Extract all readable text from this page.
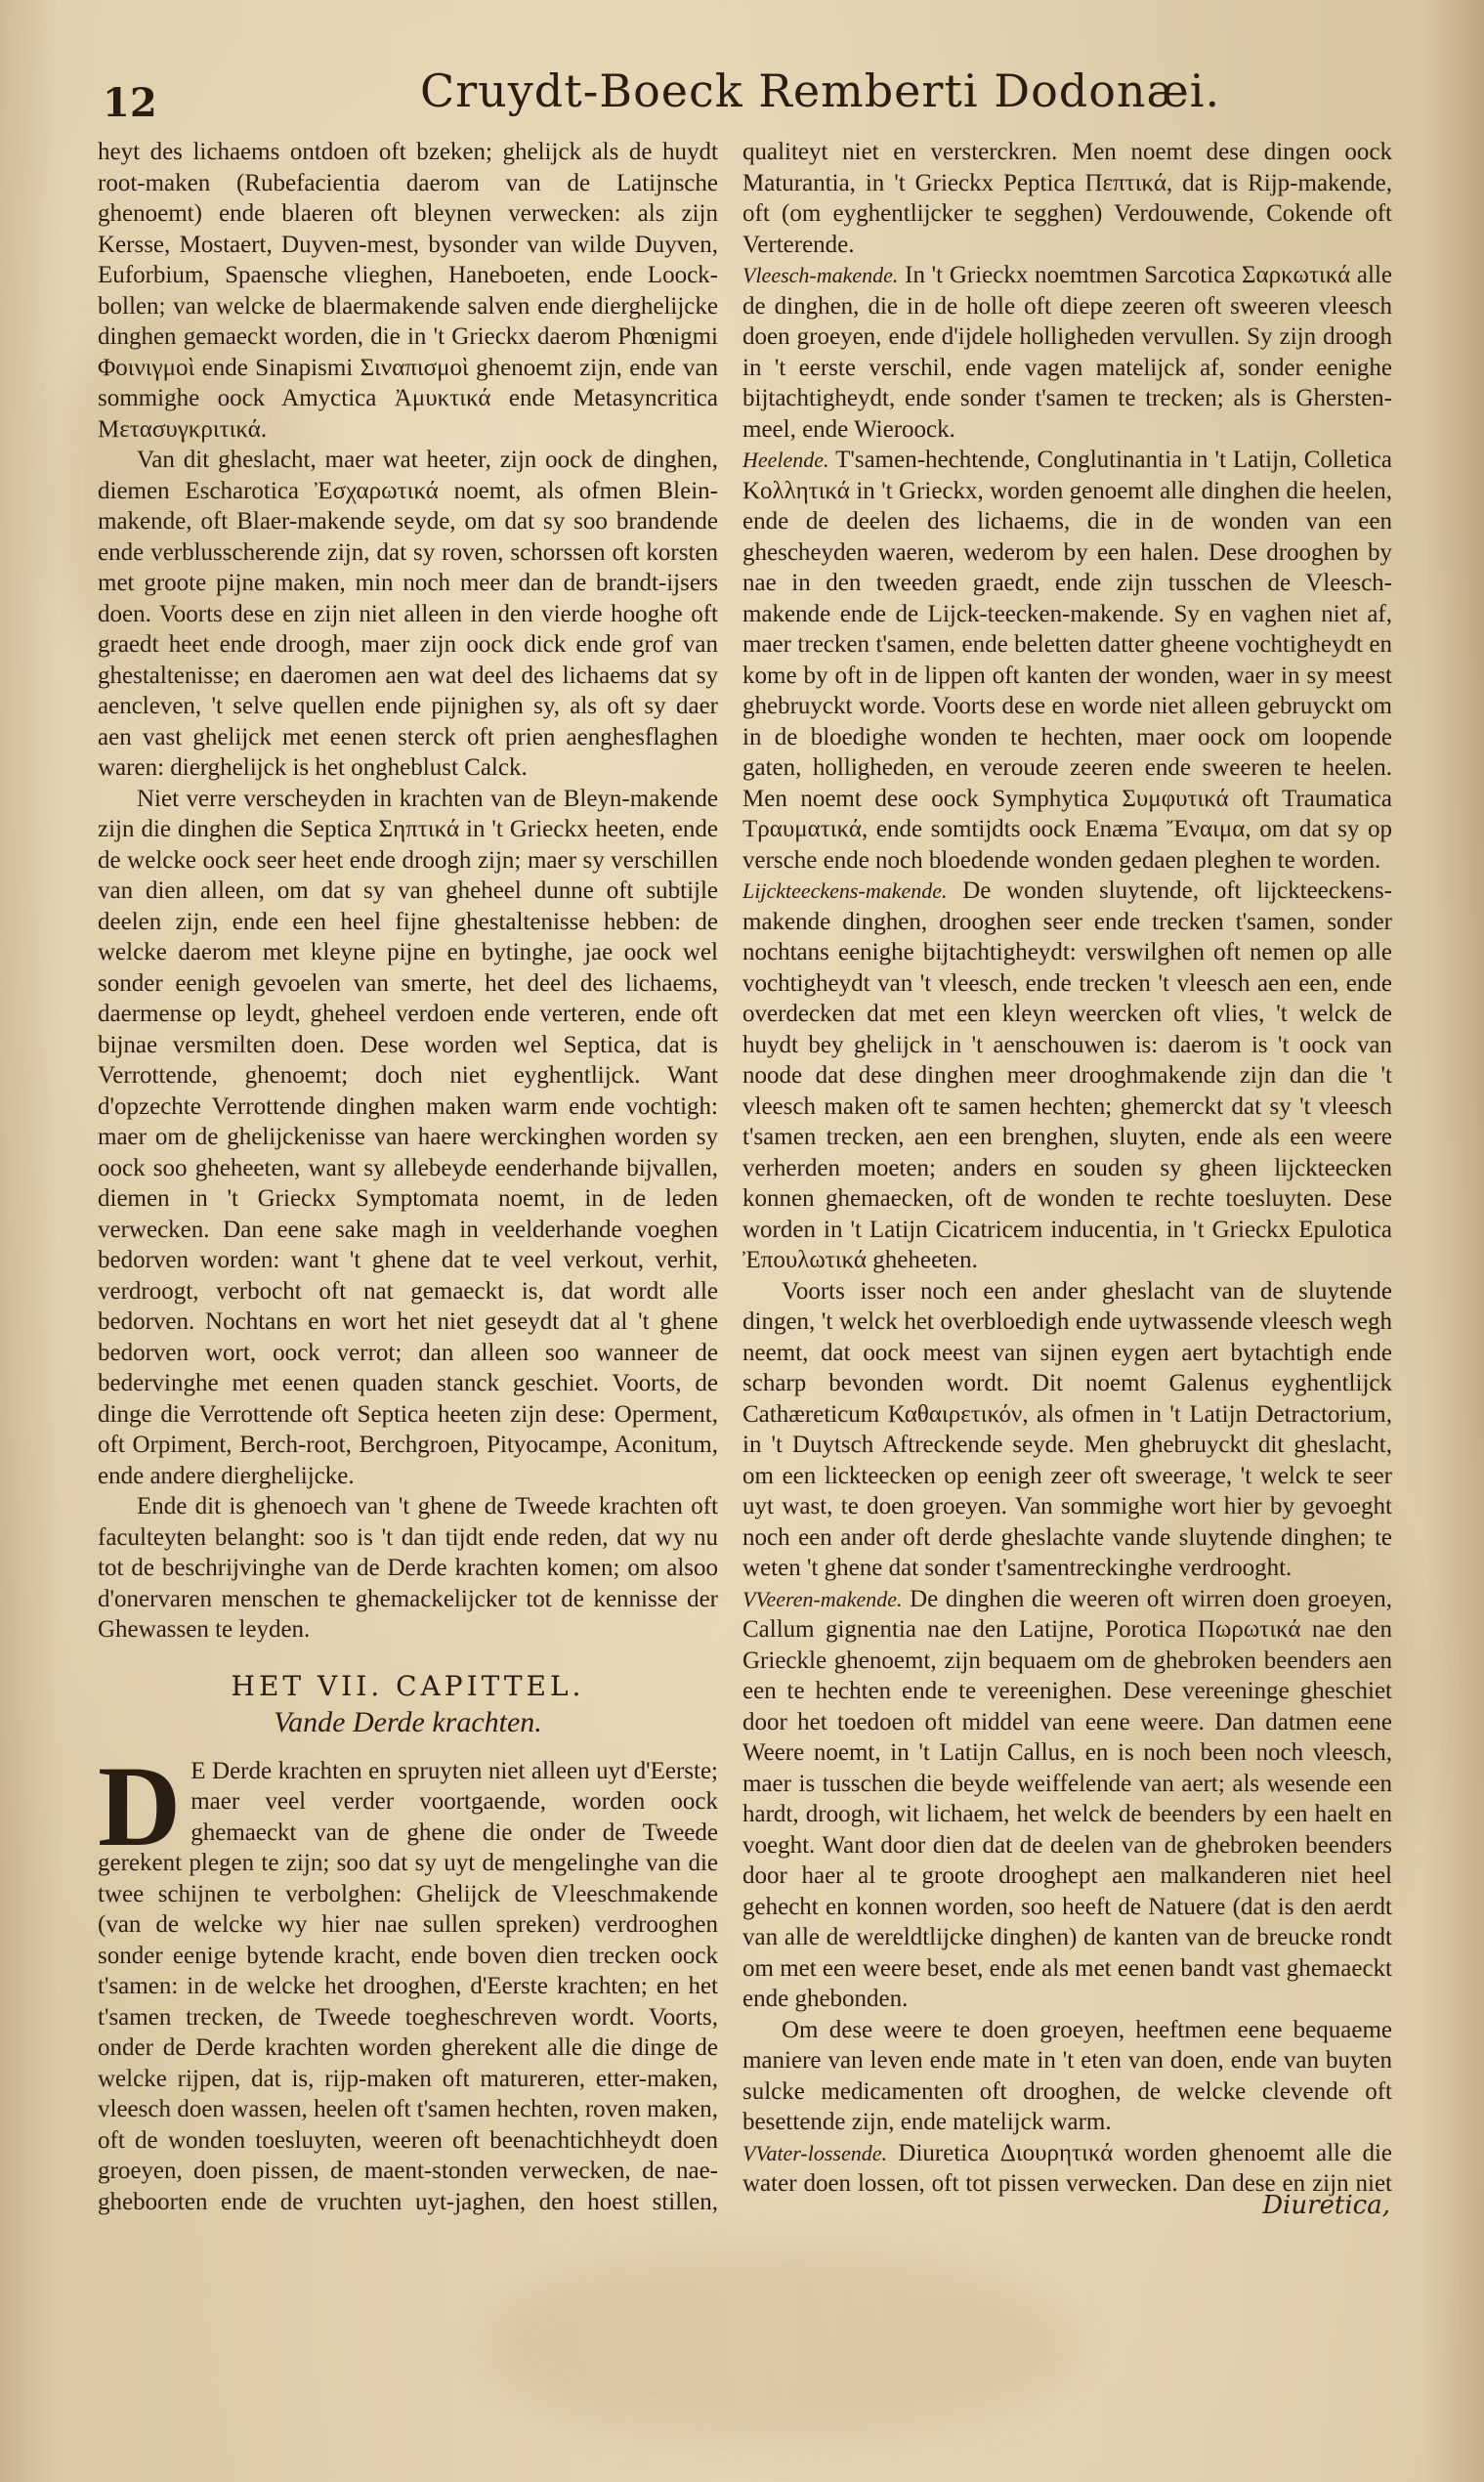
12	Cruydt-Boeck Remberti Dodonæi.

heyt des lichaems ontdoen oft bzeken; ghelijck als de huydt root-maken (Rubefacientia daerom van de Latijnsche ghenoemt) ende blaeren oft bleynen verwecken: als zijn Kersse, Mostaert, Duyven-mest, bysonder van wilde Duyven, Euforbium, Spaensche vlieghen, Haneboeten, ende Loock-bollen; van welcke de blaermakende salven ende dierghelijcke dinghen gemaeckt worden, die in 't Grieckx daerom Phœnigmi Φοινιγμοὶ ende Sinapismi Σιναπισμοὶ ghenoemt zijn, ende van sommighe oock Amyctica Ἀμυκτικά ende Metasyncritica Μετασυγκριτικά.

Van dit gheslacht, maer wat heeter, zijn oock de dinghen, diemen Escharotica Ἐσχαρωτικά noemt, als ofmen Blein-makende, oft Blaer-makende seyde, om dat sy soo brandende ende verblusscherende zijn, dat sy roven, schorssen oft korsten met groote pijne maken, min noch meer dan de brandt-ijsers doen. Voorts dese en zijn niet alleen in den vierde hooghe oft graedt heet ende droogh, maer zijn oock dick ende grof van ghestaltenisse; en daeromen aen wat deel des lichaems dat sy aencleven, 't selve quellen ende pijnighen sy, als oft sy daer aen vast ghelijck met eenen sterck oft prien aenghesflaghen waren: dierghelijck is het ongheblust Calck.

Niet verre verscheyden in krachten van de Bleyn-makende zijn die dinghen die Septica Σηπτικά in 't Grieckx heeten, ende de welcke oock seer heet ende droogh zijn; maer sy verschillen van dien alleen, om dat sy van gheheel dunne oft subtijle deelen zijn, ende een heel fijne ghestaltenisse hebben: de welcke daerom met kleyne pijne en bytinghe, jae oock wel sonder eenigh gevoelen van smerte, het deel des lichaems, daermense op leydt, gheheel verdoen ende verteren, ende oft bijnae versmilten doen. Dese worden wel Septica, dat is Verrottende, ghenoemt; doch niet eyghentlijck. Want d'opzechte Verrottende dinghen maken warm ende vochtigh: maer om de ghelijckenisse van haere werckinghen worden sy oock soo gheheeten, want sy allebeyde eenderhande bijvallen, diemen in 't Grieckx Symptomata noemt, in de leden verwecken. Dan eene sake magh in veelderhande voeghen bedorven worden: want 't ghene dat te veel verkout, verhit, verdroogt, verbocht oft nat gemaeckt is, dat wordt alle bedorven. Nochtans en wort het niet geseydt dat al 't ghene bedorven wort, oock verrot; dan alleen soo wanneer de bedervinghe met eenen quaden stanck geschiet. Voorts, de dinge die Verrottende oft Septica heeten zijn dese: Operment, oft Orpiment, Berch-root, Berchgroen, Pityocampe, Aconitum, ende andere dierghelijcke.

Ende dit is ghenoech van 't ghene de Tweede krachten oft faculteyten belanght: soo is 't dan tijdt ende reden, dat wy nu tot de beschrijvinghe van de Derde krachten komen; om alsoo d'onervaren menschen te ghemackelijcker tot de kennisse der Ghewassen te leyden.

HET VII. CAPITTEL.
Vande Derde krachten.

D E Derde krachten en spruyten niet alleen uyt d'Eerste; maer veel verder voortgaende, worden oock ghemaeckt van de ghene die onder de Tweede gerekent plegen te zijn; soo dat sy uyt de mengelinghe van die twee schijnen te verbolghen: Ghelijck de Vleeschmakende (van de welcke wy hier nae sullen spreken) verdrooghen sonder eenige bytende kracht, ende boven dien trecken oock t'samen: in de welcke het drooghen, d'Eerste krachten; en het t'samen trecken, de Tweede toegheschreven wordt. Voorts, onder de Derde krachten worden gherekent alle die dinge de welcke rijpen, dat is, rijp-maken oft matureren, etter-maken, vleesch doen wassen, heelen oft t'samen hechten, roven maken, oft de wonden toesluyten, weeren oft beenachtichheydt doen groeyen, doen pissen, de maent-stonden verwecken, de nae-gheboorten ende de vruchten uyt-jaghen, den hoest stillen,

qualiteyt niet en versterckren. Men noemt dese dingen oock Maturantia, in 't Grieckx Peptica Πεπτικά, dat is Rijp-makende, oft (om eyghentlijcker te segghen) Verdouwende, Cokende oft Verterende.

Vleesch-makende. In 't Grieckx noemtmen Sarcotica Σαρκωτικά alle de dinghen, die in de holle oft diepe zeeren oft sweeren vleesch doen groeyen, ende d'ijdele holligheden vervullen. Sy zijn droogh in 't eerste verschil, ende vagen matelijck af, sonder eenighe bijtachtigheydt, ende sonder t'samen te trecken; als is Ghersten-meel, ende Wieroock.

Heelende. T'samen-hechtende, Conglutinantia in 't Latijn, Colletica Κολλητικά in 't Grieckx, worden genoemt alle dinghen die heelen, ende de deelen des lichaems, die in de wonden van een ghescheyden waeren, wederom by een halen. Dese drooghen by nae in den tweeden graedt, ende zijn tusschen de Vleesch-makende ende de Lijck-teecken-makende. Sy en vaghen niet af, maer trecken t'samen, ende beletten datter gheene vochtigheydt en kome by oft in de lippen oft kanten der wonden, waer in sy meest ghebruyckt worde. Voorts dese en worde niet alleen gebruyckt om in de bloedighe wonden te hechten, maer oock om loopende gaten, holligheden, en veroude zeeren ende sweeren te heelen. Men noemt dese oock Symphytica Συμφυτικά oft Traumatica Τραυματικά, ende somtijdts oock Enæma Ἔναιμα, om dat sy op versche ende noch bloedende wonden gedaen pleghen te worden.

Lijckteeckens-makende. De wonden sluytende, oft lijckteeckens-makende dinghen, drooghen seer ende trecken t'samen, sonder nochtans eenighe bijtachtigheydt: verswilghen oft nemen op alle vochtigheydt van 't vleesch, ende trecken 't vleesch aen een, ende overdecken dat met een kleyn weercken oft vlies, 't welck de huydt bey ghelijck in 't aenschouwen is: daerom is 't oock van noode dat dese dinghen meer drooghmakende zijn dan die 't vleesch maken oft te samen hechten; ghemerckt dat sy 't vleesch t'samen trecken, aen een brenghen, sluyten, ende als een weere verherden moeten; anders en souden sy gheen lijckteecken konnen ghemaecken, oft de wonden te rechte toesluyten. Dese worden in 't Latijn Cicatricem inducentia, in 't Grieckx Epulotica Ἐπουλωτικά gheheeten.

Voorts isser noch een ander gheslacht van de sluytende dingen, 't welck het overbloedigh ende uytwassende vleesch wegh neemt, dat oock meest van sijnen eygen aert bytachtigh ende scharp bevonden wordt. Dit noemt Galenus eyghentlijck Cathæreticum Καθαιρετικόν, als ofmen in 't Latijn Detractorium, in 't Duytsch Aftreckende seyde. Men ghebruyckt dit gheslacht, om een lickteecken op eenigh zeer oft sweerage, 't welck te seer uyt wast, te doen groeyen. Van sommighe wort hier by gevoeght noch een ander oft derde gheslachte vande sluytende dinghen; te weten 't ghene dat sonder t'samentreckinghe verdrooght.

VVeeren-makende. De dinghen die weeren oft wirren doen groeyen, Callum gignentia nae den Latijne, Porotica Πωρωτικά nae den Grieckle ghenoemt, zijn bequaem om de ghebroken beenders aen een te hechten ende te vereenighen. Dese vereeninge gheschiet door het toedoen oft middel van eene weere. Dan datmen eene Weere noemt, in 't Latijn Callus, en is noch been noch vleesch, maer is tusschen die beyde weiffelende van aert; als wesende een hardt, droogh, wit lichaem, het welck de beenders by een haelt en voeght. Want door dien dat de deelen van de ghebroken beenders door haer al te groote drooghept aen malkanderen niet heel gehecht en konnen worden, soo heeft de Natuere (dat is den aerdt van alle de wereldtlijcke dinghen) de kanten van de breucke rondt om met een weere beset, ende als met eenen bandt vast ghemaeckt ende ghebonden.

Om dese weere te doen groeyen, heeftmen eene bequaeme maniere van leven ende mate in 't eten van doen, ende van buyten sulcke medicamenten oft drooghen, de welcke clevende oft besettende zijn, ende matelijck warm.

VVater-lossende. Diuretica Διουρητικά worden ghenoemt alle die water doen lossen, oft tot pissen verwecken. Dan dese en zijn niet

Diuretica,
